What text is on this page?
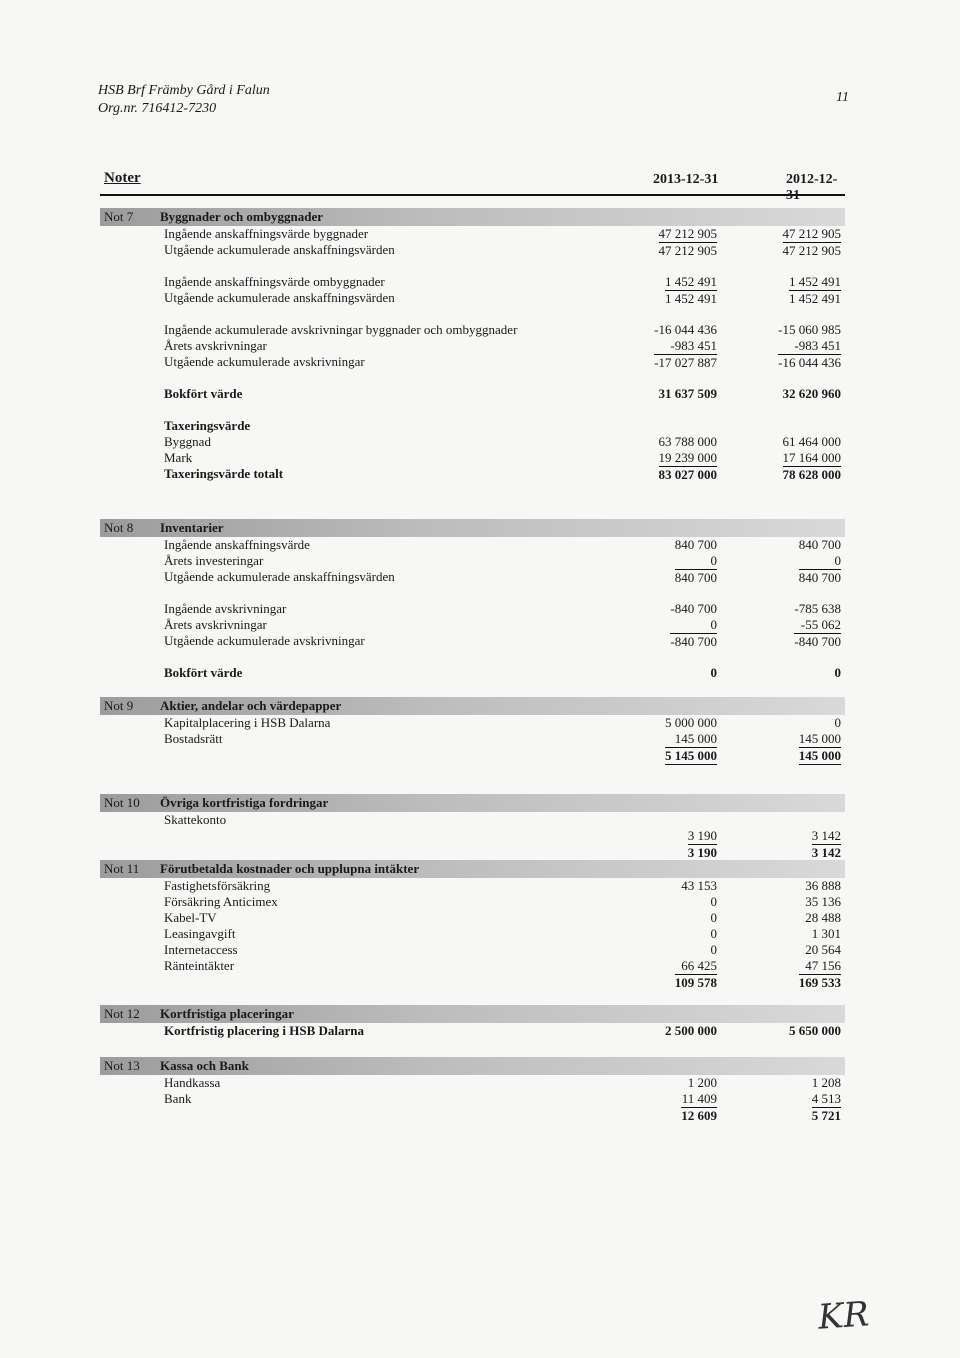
HSB Brf Främby Gård i Falun
Org.nr. 716412-7230
11
Noter	2013-12-31	2012-12-31
Not 7 Byggnader och ombyggnader
Ingående anskaffningsvärde byggnader	47 212 905	47 212 905
Utgående ackumulerade anskaffningsvärden	47 212 905	47 212 905
Ingående anskaffningsvärde ombyggnader	1 452 491	1 452 491
Utgående ackumulerade anskaffningsvärden	1 452 491	1 452 491
Ingående ackumulerade avskrivningar byggnader och ombyggnader	-16 044 436	-15 060 985
Årets avskrivningar	-983 451	-983 451
Utgående ackumulerade avskrivningar	-17 027 887	-16 044 436
Bokfört värde	31 637 509	32 620 960
Taxeringsvärde
Byggnad	63 788 000	61 464 000
Mark	19 239 000	17 164 000
Taxeringsvärde totalt	83 027 000	78 628 000
Not 8 Inventarier
Ingående anskaffningsvärde	840 700	840 700
Årets investeringar	0	0
Utgående ackumulerade anskaffningsvärden	840 700	840 700
Ingående avskrivningar	-840 700	-785 638
Årets avskrivningar	0	-55 062
Utgående ackumulerade avskrivningar	-840 700	-840 700
Bokfört värde	0	0
Not 9 Aktier, andelar och värdepapper
Kapitalplacering i HSB Dalarna	5 000 000	0
Bostadsrätt	145 000	145 000
5 145 000	145 000
Not 10 Övriga kortfristiga fordringar
Skattekonto
3 190	3 142
3 190	3 142
Not 11 Förutbetalda kostnader och upplupna intäkter
Fastighetsförsäkring	43 153	36 888
Försäkring Anticimex	0	35 136
Kabel-TV	0	28 488
Leasingavgift	0	1 301
Internetaccess	0	20 564
Ränteintäkter	66 425	47 156
109 578	169 533
Not 12 Kortfristiga placeringar
Kortfristig placering i HSB Dalarna	2 500 000	5 650 000
Not 13 Kassa och Bank
Handkassa	1 200	1 208
Bank	11 409	4 513
12 609	5 721
KR
